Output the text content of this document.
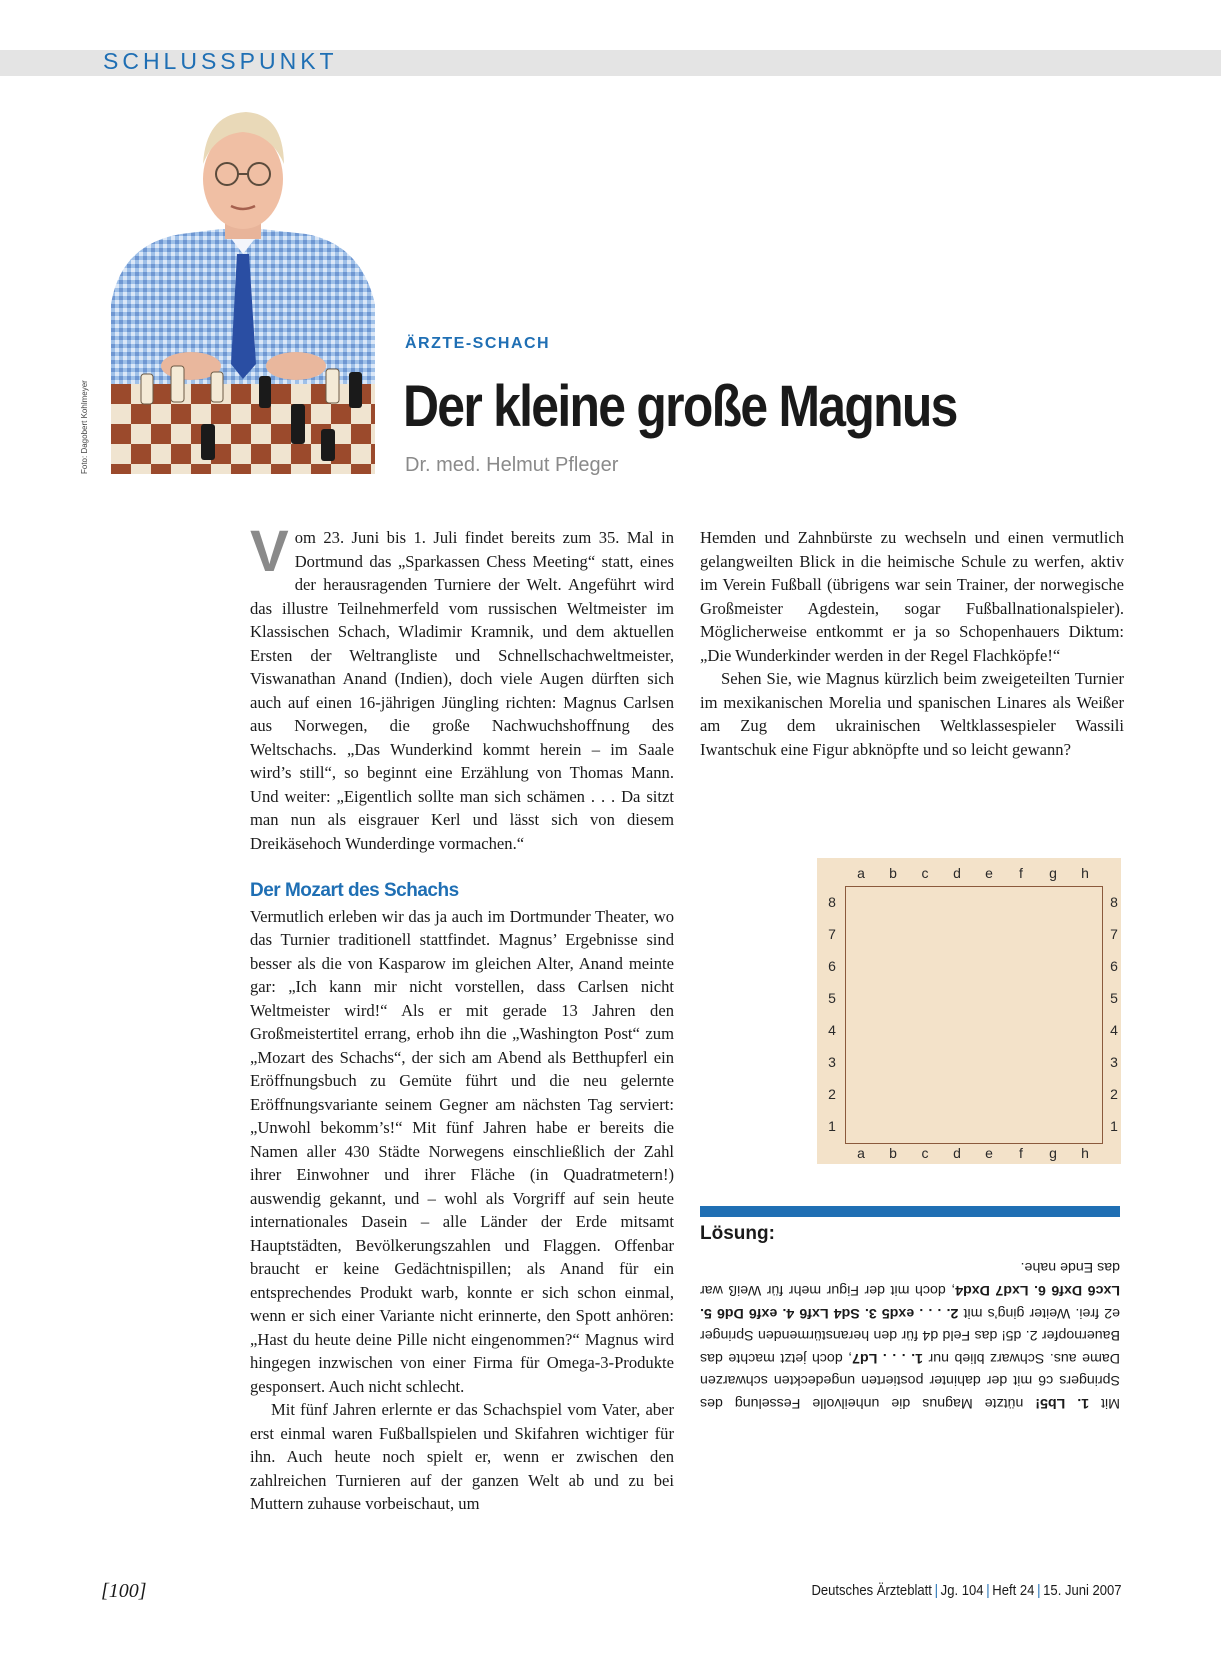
SCHLUSSPUNKT
Foto: Dagobert Kohlmeyer
ÄRZTE-SCHACH
Der kleine große Magnus
Dr. med. Helmut Pfleger

Vom 23. Juni bis 1. Juli findet bereits zum 35. Mal in Dortmund das „Sparkassen Chess Meeting“ statt, eines der herausragenden Turniere der Welt. Angeführt wird das illustre Teilnehmerfeld vom russischen Weltmeister im Klassischen Schach, Wladimir Kramnik, und dem aktuellen Ersten der Weltrangliste und Schnellschachweltmeister, Viswanathan Anand (Indien), doch viele Augen dürften sich auch auf einen 16-jährigen Jüngling richten: Magnus Carlsen aus Norwegen, die große Nachwuchshoffnung des Weltschachs. „Das Wunderkind kommt herein – im Saale wird’s still“, so beginnt eine Erzählung von Thomas Mann. Und weiter: „Eigentlich sollte man sich schämen . . . Da sitzt man nun als eisgrauer Kerl und lässt sich von diesem Dreikäsehoch Wunderdinge vormachen.“

Der Mozart des Schachs

Vermutlich erleben wir das ja auch im Dortmunder Theater, wo das Turnier traditionell stattfindet. Magnus’ Ergebnisse sind besser als die von Kasparow im gleichen Alter, Anand meinte gar: „Ich kann mir nicht vorstellen, dass Carlsen nicht Weltmeister wird!“ Als er mit gerade 13 Jahren den Großmeistertitel errang, erhob ihn die „Washington Post“ zum „Mozart des Schachs“, der sich am Abend als Betthupferl ein Eröffnungsbuch zu Gemüte führt und die neu gelernte Eröffnungsvariante seinem Gegner am nächsten Tag serviert: „Unwohl bekomm’s!“ Mit fünf Jahren habe er bereits die Namen aller 430 Städte Norwegens einschließlich der Zahl ihrer Einwohner und ihrer Fläche (in Quadratmetern!) auswendig gekannt, und – wohl als Vorgriff auf sein heute internationales Dasein – alle Länder der Erde mitsamt Hauptstädten, Bevölkerungszahlen und Flaggen. Offenbar braucht er keine Gedächtnispillen; als Anand für ein entsprechendes Produkt warb, konnte er sich schon einmal, wenn er sich einer Variante nicht erinnerte, den Spott anhören: „Hast du heute deine Pille nicht eingenommen?“ Magnus wird hingegen inzwischen von einer Firma für Omega-3-Produkte gesponsert. Auch nicht schlecht.

Mit fünf Jahren erlernte er das Schachspiel vom Vater, aber erst einmal waren Fußballspielen und Skifahren wichtiger für ihn. Auch heute noch spielt er, wenn er zwischen den zahlreichen Turnieren auf der ganzen Welt ab und zu bei Muttern zuhause vorbeischaut, um

Hemden und Zahnbürste zu wechseln und einen vermutlich gelangweilten Blick in die heimische Schule zu werfen, aktiv im Verein Fußball (übrigens war sein Trainer, der norwegische Großmeister Agdestein, sogar Fußballnationalspieler). Möglicherweise entkommt er ja so Schopenhauers Diktum: „Die Wunderkinder werden in der Regel Flachköpfe!“

Sehen Sie, wie Magnus kürzlich beim zweigeteilten Turnier im mexikanischen Morelia und spanischen Linares als Weißer am Zug dem ukrainischen Weltklassespieler Wassili Iwantschuk eine Figur abknöpfte und so leicht gewann?

a	b	c	d	e	f	g	h
a	b	c	d	e	f	g	h
8
7
6
5
4
3
2
1
8
7
6
5
4
3
2
1
Lösung:
Mit 1. Lb5! nützte Magnus die unheilvolle Fesselung des Springers c6 mit der dahinter postierten ungedeckten schwarzen Dame aus. Schwarz blieb nur 1. . . . Ld7, doch jetzt machte das Bauernopfer 2. d5! das Feld d4 für den heranstürmenden Springer e2 frei. Weiter ging’s mit 2. . . . exd5 3. Sd4 Lxf6 4. exf6 Dd6 5. Lxc6 Dxf6 6. Lxd7 Dxd4, doch mit der Figur mehr für Weiß war das Ende nahe.
[100]	Deutsches Ärzteblatt | Jg. 104 | Heft 24 | 15. Juni 2007
